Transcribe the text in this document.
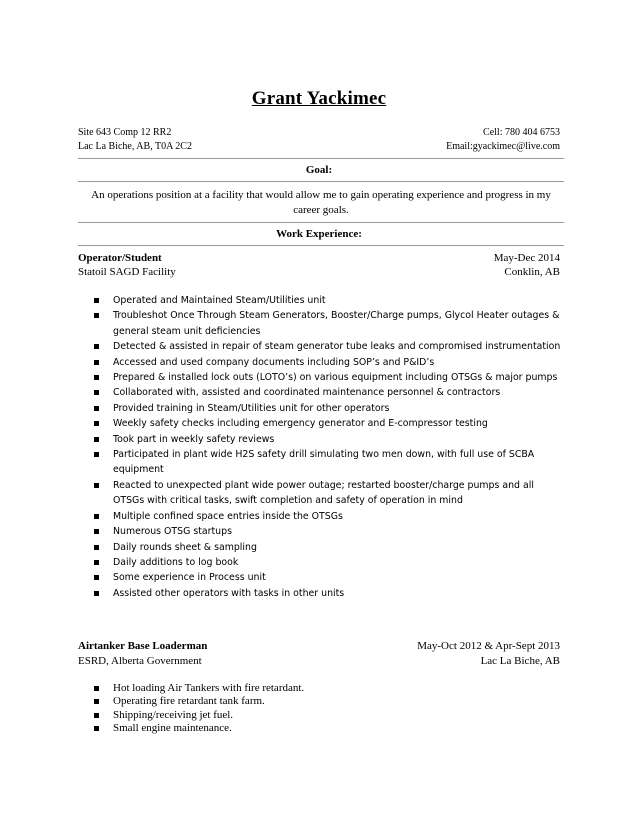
Grant Yackimec
Site 643 Comp 12 RR2
Lac La Biche, AB, T0A 2C2
Cell: 780 404 6753
Email:gyackimec@live.com
Goal:
An operations position at a facility that would allow me to gain operating experience and progress in my career goals.
Work Experience:
Operator/Student	May-Dec 2014
Statoil SAGD Facility	Conklin, AB
Operated and Maintained Steam/Utilities unit
Troubleshot Once Through Steam Generators, Booster/Charge pumps, Glycol Heater outages & general steam unit deficiencies
Detected & assisted in repair of steam generator tube leaks and compromised instrumentation
Accessed and used company documents including SOP’s and P&ID’s
Prepared & installed lock outs (LOTO’s) on various equipment including OTSGs & major pumps
Collaborated with, assisted and coordinated maintenance personnel & contractors
Provided training in Steam/Utilities unit for other operators
Weekly safety checks including emergency generator and E-compressor testing
Took part in weekly safety reviews
Participated in plant wide H2S safety drill simulating two men down, with full use of SCBA equipment
Reacted to unexpected plant wide power outage; restarted booster/charge pumps and all OTSGs with critical tasks, swift completion and safety of operation in mind
Multiple confined space entries inside the OTSGs
Numerous OTSG startups
Daily rounds sheet & sampling
Daily additions to log book
Some experience in Process unit
Assisted other operators with tasks in other units
Airtanker Base Loaderman	May-Oct 2012 & Apr-Sept 2013
ESRD, Alberta Government	Lac La Biche, AB
Hot loading Air Tankers with fire retardant.
Operating fire retardant tank farm.
Shipping/receiving jet fuel.
Small engine maintenance.
